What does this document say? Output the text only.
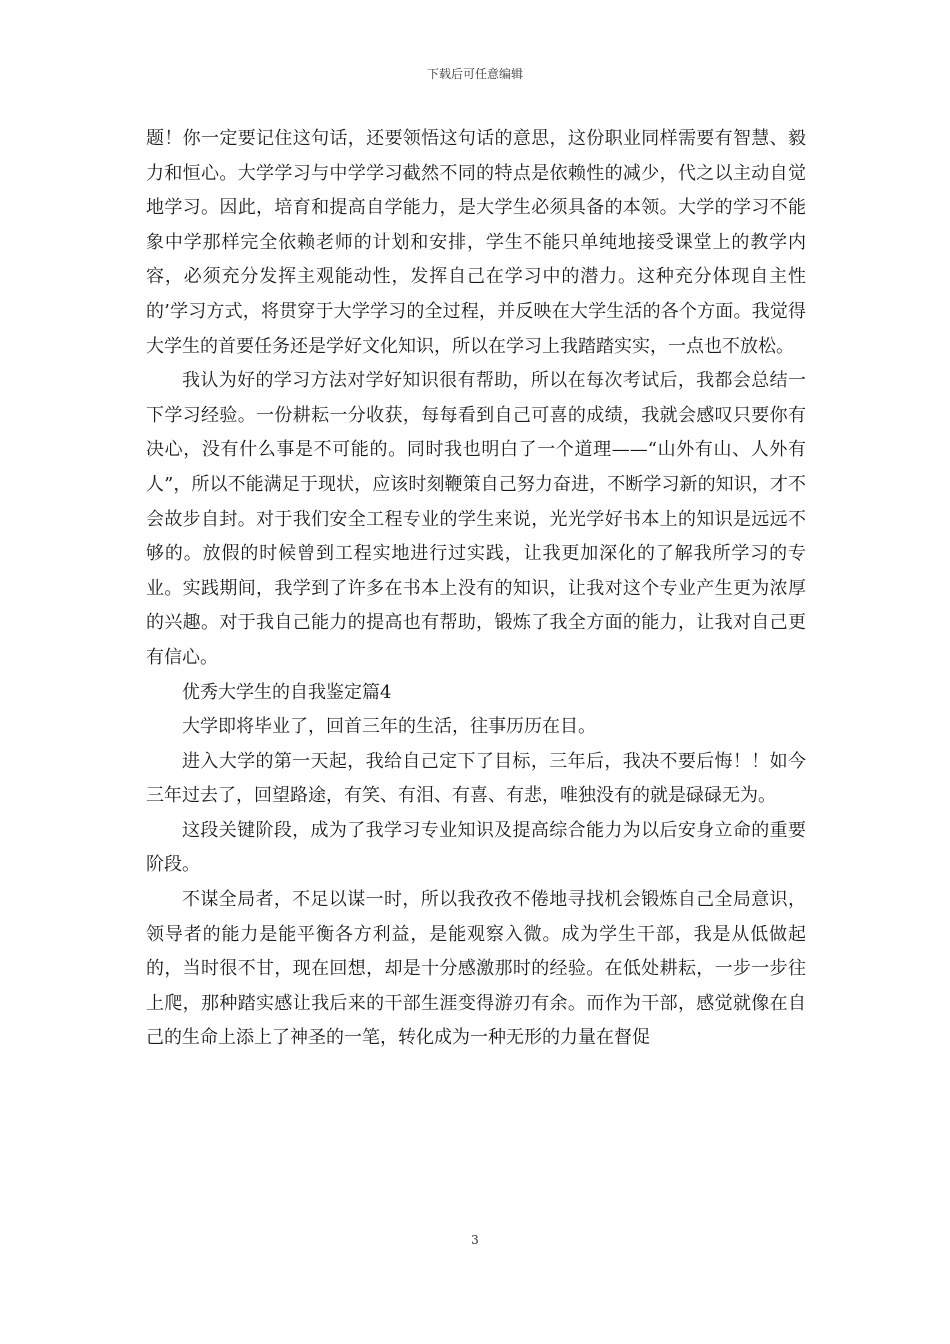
下载后可任意编辑

题！你一定要记住这句话，还要领悟这句话的意思，这份职业同样需要有智慧、毅力和恒心。大学学习与中学学习截然不同的特点是依赖性的减少，代之以主动自觉地学习。因此，培育和提高自学能力，是大学生必须具备的本领。大学的学习不能象中学那样完全依赖老师的计划和安排，学生不能只单纯地接受课堂上的教学内容，必须充分发挥主观能动性，发挥自己在学习中的潜力。这种充分体现自主性的’学习方式，将贯穿于大学学习的全过程，并反映在大学生活的各个方面。我觉得大学生的首要任务还是学好文化知识，所以在学习上我踏踏实实，一点也不放松。

我认为好的学习方法对学好知识很有帮助，所以在每次考试后，我都会总结一下学习经验。一份耕耘一分收获，每每看到自己可喜的成绩，我就会感叹只要你有决心，没有什么事是不可能的。同时我也明白了一个道理——“山外有山、人外有人”，所以不能满足于现状，应该时刻鞭策自己努力奋进，不断学习新的知识，才不会故步自封。对于我们安全工程专业的学生来说，光光学好书本上的知识是远远不够的。放假的时候曾到工程实地进行过实践，让我更加深化的了解我所学习的专业。实践期间，我学到了许多在书本上没有的知识，让我对这个专业产生更为浓厚的兴趣。对于我自己能力的提高也有帮助，锻炼了我全方面的能力，让我对自己更有信心。

优秀大学生的自我鉴定篇4

大学即将毕业了，回首三年的生活，往事历历在目。

进入大学的第一天起，我给自己定下了目标，三年后，我决不要后悔！！如今三年过去了，回望路途，有笑、有泪、有喜、有悲，唯独没有的就是碌碌无为。

这段关键阶段，成为了我学习专业知识及提高综合能力为以后安身立命的重要阶段。

不谋全局者，不足以谋一时，所以我孜孜不倦地寻找机会锻炼自己全局意识，领导者的能力是能平衡各方利益，是能观察入微。成为学生干部，我是从低做起的，当时很不甘，现在回想，却是十分感激那时的经验。在低处耕耘，一步一步往上爬，那种踏实感让我后来的干部生涯变得游刃有余。而作为干部，感觉就像在自己的生命上添上了神圣的一笔，转化成为一种无形的力量在督促

3
